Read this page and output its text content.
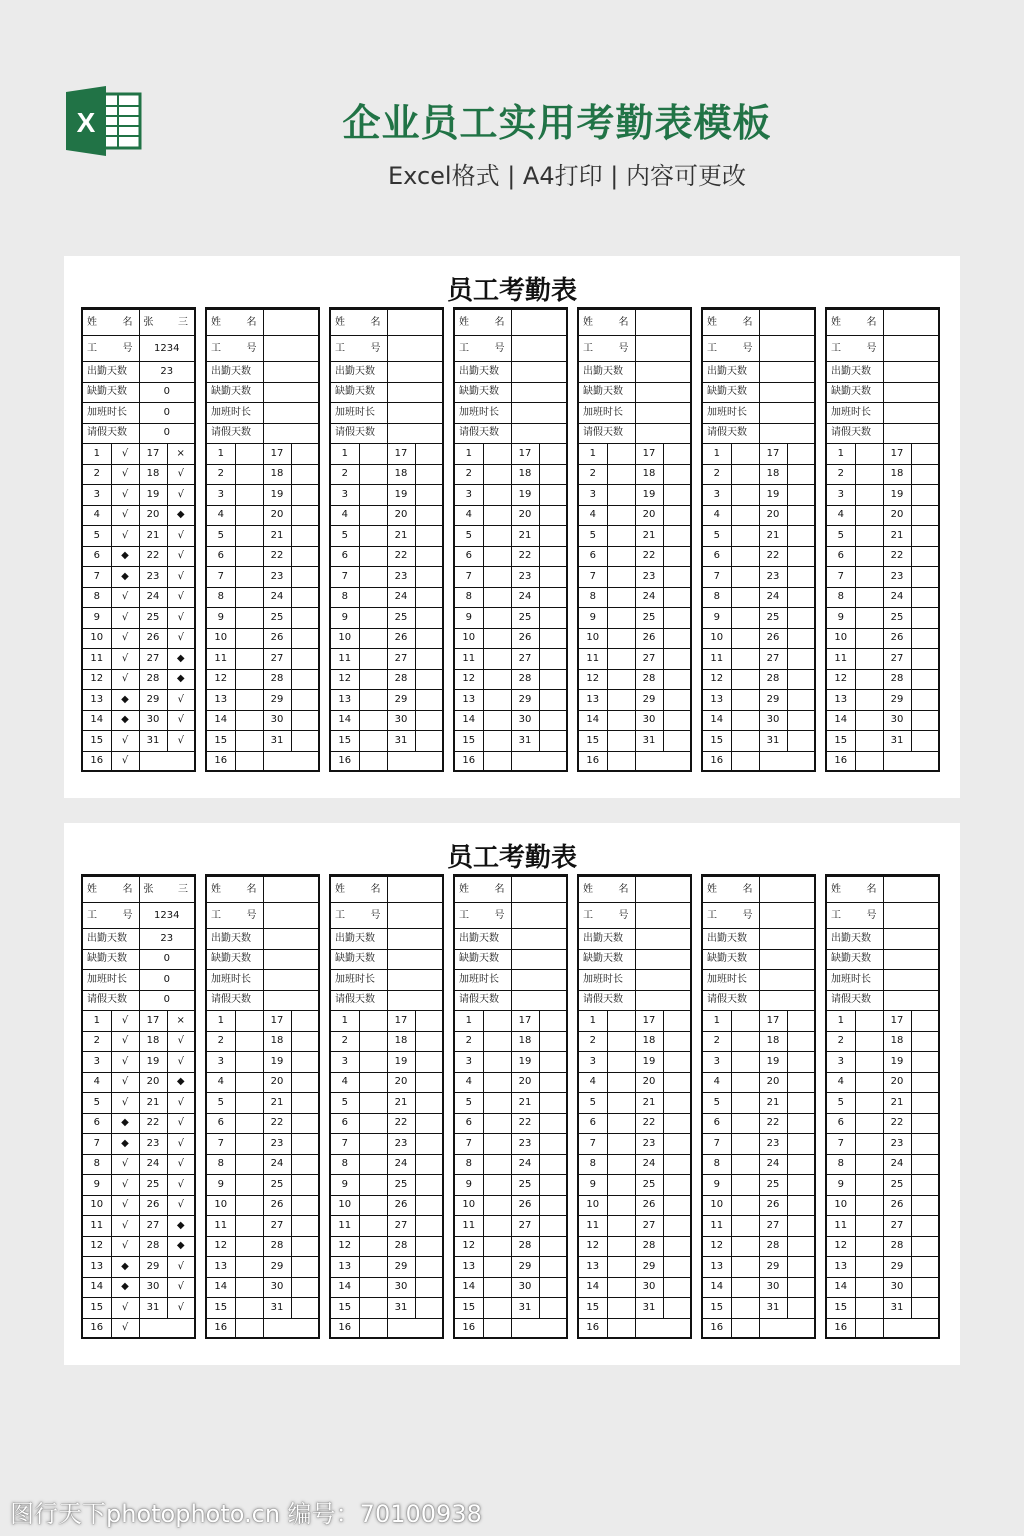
X	企业员工实用考勤表模板
Excel格式 | A4打印 | 内容可更改
员工考勤表
姓 名		张 三	

工 号		1234	
出勤天数		23	
缺勤天数		0	
加班时长		0	
请假天数		0	
1	√	17	×
2	√	18	√
3	√	19	√
4	√	20	◆
5	√	21	√
6	◆	22	√
7	◆	23	√
8	√	24	√
9	√	25	√
10	√	26	√
11	√	27	◆
12	√	28	◆
13	◆	29	√
14	◆	30	√
15	√	31	√
16	√		
姓 名			

工 号			

出勤天数			
缺勤天数			
加班时长			
请假天数			
1		17	
2		18	
3		19	
4		20	
5		21	
6		22	
7		23	
8		24	
9		25	
10		26	
11		27	
12		28	
13		29	
14		30	
15		31	
16			
姓 名			

工 号			

出勤天数			
缺勤天数			
加班时长			
请假天数			
1		17	
2		18	
3		19	
4		20	
5		21	
6		22	
7		23	
8		24	
9		25	
10		26	
11		27	
12		28	
13		29	
14		30	
15		31	
16			
姓 名			

工 号			

出勤天数			
缺勤天数			
加班时长			
请假天数			
1		17	
2		18	
3		19	
4		20	
5		21	
6		22	
7		23	
8		24	
9		25	
10		26	
11		27	
12		28	
13		29	
14		30	
15		31	
16			
姓 名			

工 号			

出勤天数			
缺勤天数			
加班时长			
请假天数			
1		17	
2		18	
3		19	
4		20	
5		21	
6		22	
7		23	
8		24	
9		25	
10		26	
11		27	
12		28	
13		29	
14		30	
15		31	
16			
姓 名			

工 号			

出勤天数			
缺勤天数			
加班时长			
请假天数			
1		17	
2		18	
3		19	
4		20	
5		21	
6		22	
7		23	
8		24	
9		25	
10		26	
11		27	
12		28	
13		29	
14		30	
15		31	
16			
姓 名			

工 号			

出勤天数			
缺勤天数			
加班时长			
请假天数			
1		17	
2		18	
3		19	
4		20	
5		21	
6		22	
7		23	
8		24	
9		25	
10		26	
11		27	
12		28	
13		29	
14		30	
15		31	
16			
员工考勤表
姓 名		张 三	

工 号		1234	
出勤天数		23	
缺勤天数		0	
加班时长		0	
请假天数		0	
1	√	17	×
2	√	18	√
3	√	19	√
4	√	20	◆
5	√	21	√
6	◆	22	√
7	◆	23	√
8	√	24	√
9	√	25	√
10	√	26	√
11	√	27	◆
12	√	28	◆
13	◆	29	√
14	◆	30	√
15	√	31	√
16	√		
姓 名			

工 号			

出勤天数			
缺勤天数			
加班时长			
请假天数			
1		17	
2		18	
3		19	
4		20	
5		21	
6		22	
7		23	
8		24	
9		25	
10		26	
11		27	
12		28	
13		29	
14		30	
15		31	
16			
姓 名			

工 号			

出勤天数			
缺勤天数			
加班时长			
请假天数			
1		17	
2		18	
3		19	
4		20	
5		21	
6		22	
7		23	
8		24	
9		25	
10		26	
11		27	
12		28	
13		29	
14		30	
15		31	
16			
姓 名			

工 号			

出勤天数			
缺勤天数			
加班时长			
请假天数			
1		17	
2		18	
3		19	
4		20	
5		21	
6		22	
7		23	
8		24	
9		25	
10		26	
11		27	
12		28	
13		29	
14		30	
15		31	
16			
姓 名			

工 号			

出勤天数			
缺勤天数			
加班时长			
请假天数			
1		17	
2		18	
3		19	
4		20	
5		21	
6		22	
7		23	
8		24	
9		25	
10		26	
11		27	
12		28	
13		29	
14		30	
15		31	
16			
姓 名			

工 号			

出勤天数			
缺勤天数			
加班时长			
请假天数			
1		17	
2		18	
3		19	
4		20	
5		21	
6		22	
7		23	
8		24	
9		25	
10		26	
11		27	
12		28	
13		29	
14		30	
15		31	
16			
姓 名			

工 号			

出勤天数			
缺勤天数			
加班时长			
请假天数			
1		17	
2		18	
3		19	
4		20	
5		21	
6		22	
7		23	
8		24	
9		25	
10		26	
11		27	
12		28	
13		29	
14		30	
15		31	
16			
图行天下photophoto.cn 编号：70100938
